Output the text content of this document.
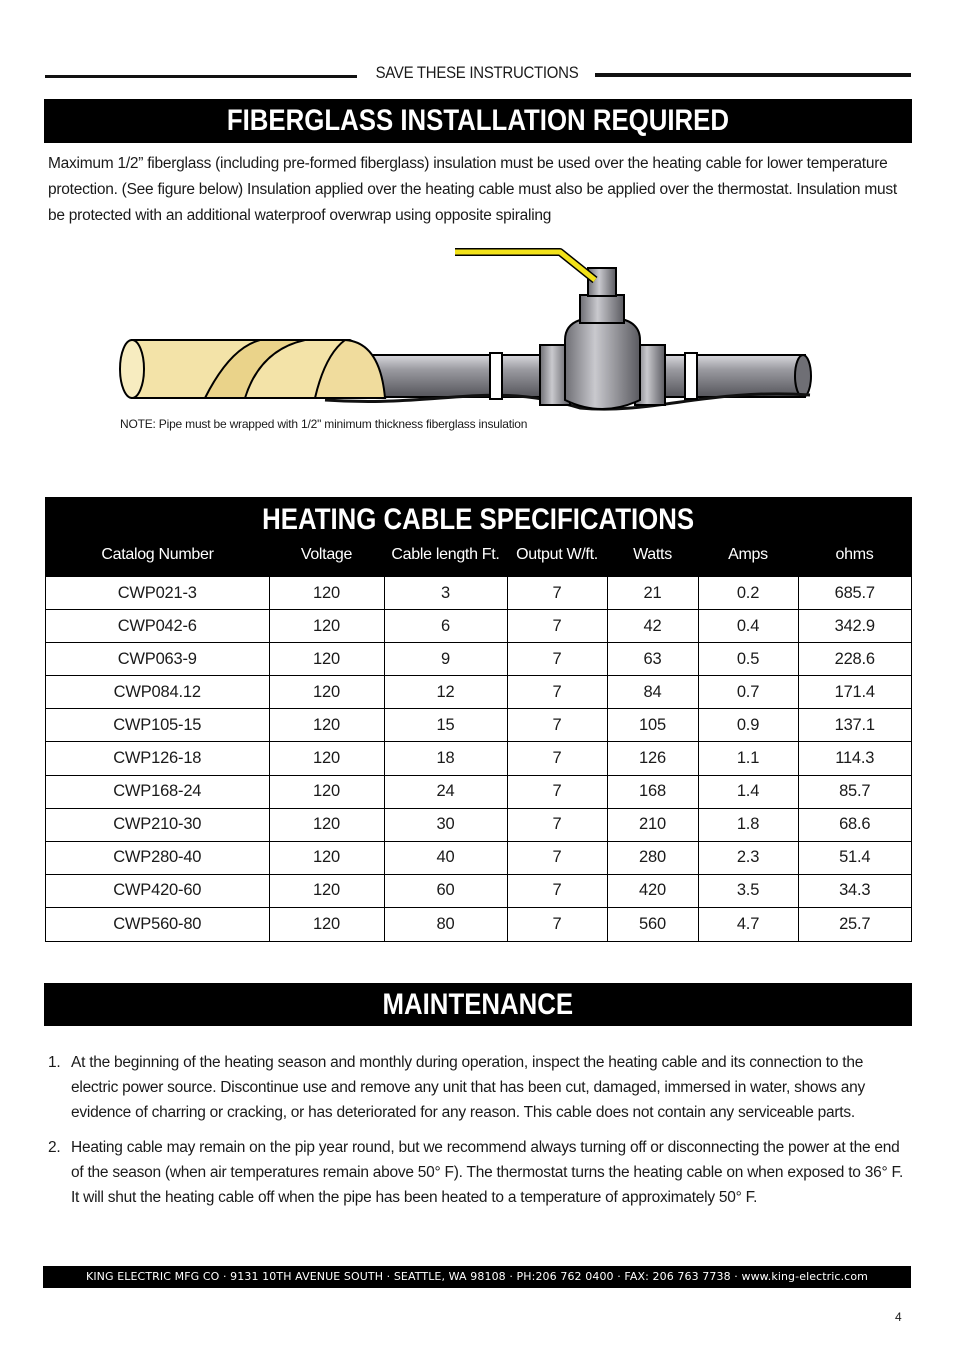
SAVE THESE INSTRUCTIONS
FIBERGLASS INSTALLATION REQUIRED

Maximum 1/2” fiberglass (including pre-formed fiberglass) insulation must be used over the heating cable for lower temperature protection. (See figure below) Insulation applied over the heating cable must also be applied over the thermostat. Insulation must be protected with an additional waterproof overwrap using opposite spiraling

NOTE: Pipe must be wrapped with 1/2" minimum thickness fiberglass insulation
HEATING CABLE SPECIFICATIONS
Catalog Number	Voltage	Cable length Ft.	Output W/ft.	Watts	Amps	ohms
CWP021-3	120	3	7	21	0.2	685.7
CWP042-6	120	6	7	42	0.4	342.9
CWP063-9	120	9	7	63	0.5	228.6
CWP084.12	120	12	7	84	0.7	171.4
CWP105-15	120	15	7	105	0.9	137.1
CWP126-18	120	18	7	126	1.1	114.3
CWP168-24	120	24	7	168	1.4	85.7
CWP210-30	120	30	7	210	1.8	68.6
CWP280-40	120	40	7	280	2.3	51.4
CWP420-60	120	60	7	420	3.5	34.3
CWP560-80	120	80	7	560	4.7	25.7
MAINTENANCE
1. At the beginning of the heating season and monthly during operation, inspect the heating cable and its connection to the electric power source. Discontinue use and remove any unit that has been cut, damaged, immersed in water, shows any evidence of charring or cracking, or has deteriorated for any reason. This cable does not contain any serviceable parts.
2. Heating cable may remain on the pip year round, but we recommend always turning off or disconnecting the power at the end of the season (when air temperatures remain above 50° F). The thermostat turns the heating cable on when exposed to 36° F. It will shut the heating cable off when the pipe has been heated to a temperature of approximately 50° F.
KING ELECTRIC MFG CO · 9131 10TH AVENUE SOUTH · SEATTLE, WA 98108 · PH:206 762 0400 · FAX: 206 763 7738 · www.king-electric.com
4
